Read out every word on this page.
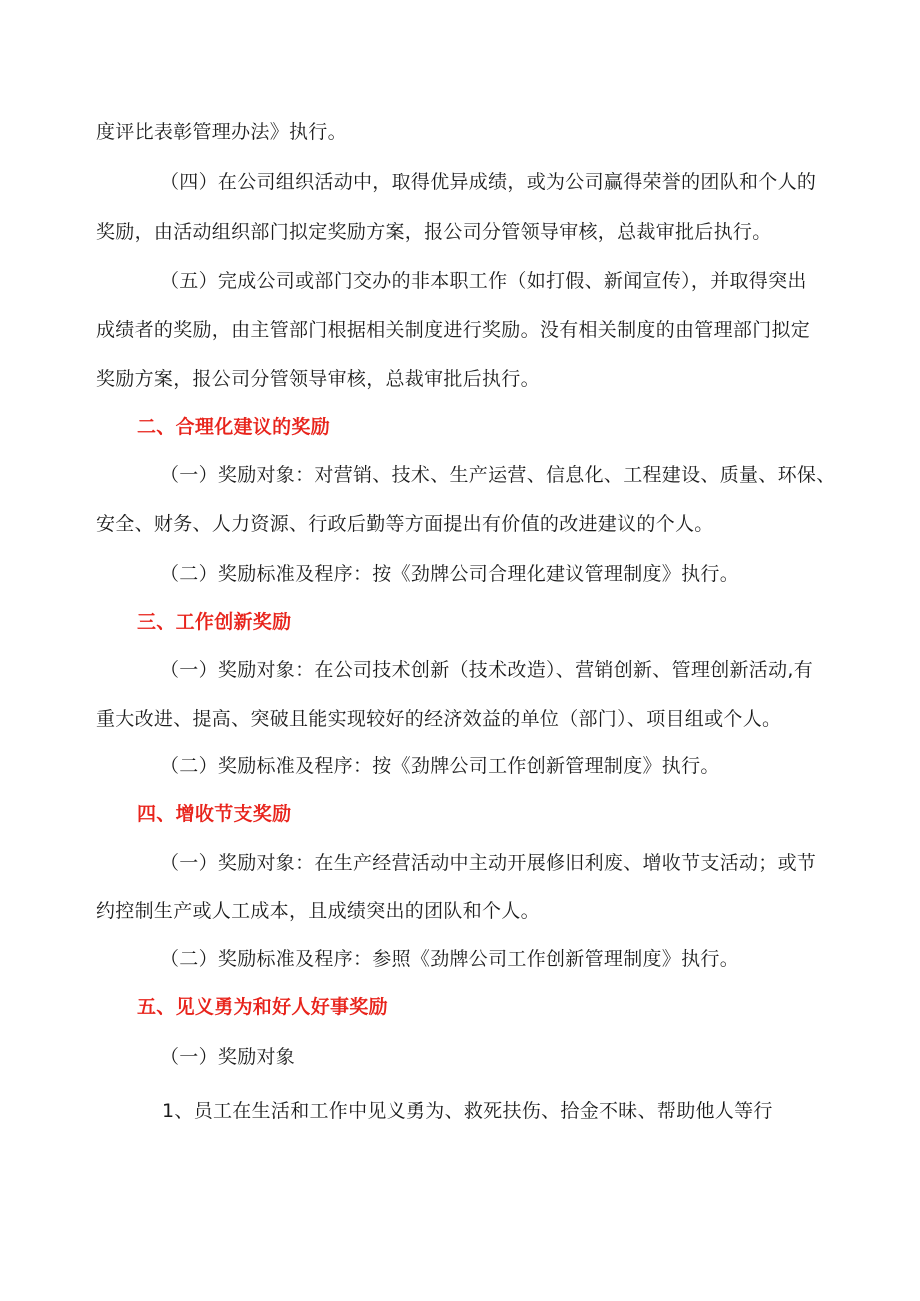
度评比表彰管理办法》执行。
（四）在公司组织活动中，取得优异成绩，或为公司赢得荣誉的团队和个人的
奖励，由活动组织部门拟定奖励方案，报公司分管领导审核，总裁审批后执行。
（五）完成公司或部门交办的非本职工作（如打假、新闻宣传），并取得突出
成绩者的奖励，由主管部门根据相关制度进行奖励。没有相关制度的由管理部门拟定
奖励方案，报公司分管领导审核，总裁审批后执行。
二、合理化建议的奖励
（一）奖励对象：对营销、技术、生产运营、信息化、工程建设、质量、环保、
安全、财务、人力资源、行政后勤等方面提出有价值的改进建议的个人。
（二）奖励标准及程序：按《劲牌公司合理化建议管理制度》执行。
三、工作创新奖励
（一）奖励对象：在公司技术创新（技术改造）、营销创新、管理创新活动,有
重大改进、提高、突破且能实现较好的经济效益的单位（部门）、项目组或个人。
（二）奖励标准及程序：按《劲牌公司工作创新管理制度》执行。
四、增收节支奖励
（一）奖励对象：在生产经营活动中主动开展修旧利废、增收节支活动；或节
约控制生产或人工成本，且成绩突出的团队和个人。
（二）奖励标准及程序：参照《劲牌公司工作创新管理制度》执行。
五、见义勇为和好人好事奖励
（一）奖励对象
1、员工在生活和工作中见义勇为、救死扶伤、拾金不昧、帮助他人等行
